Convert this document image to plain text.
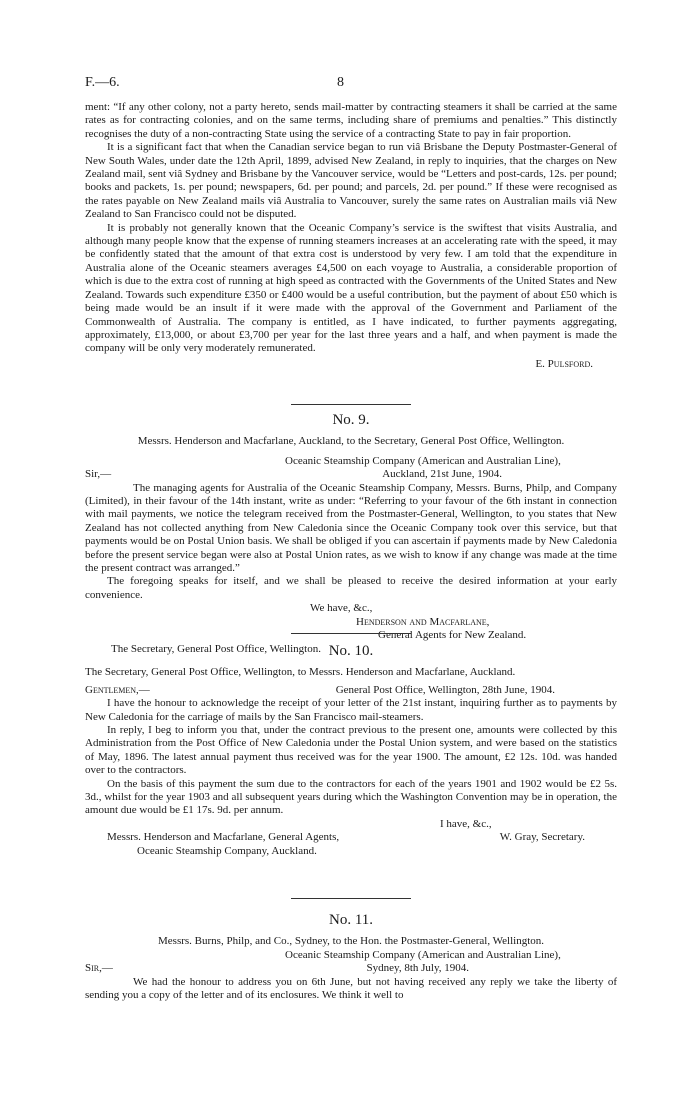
F.—6.	8

ment: “If any other colony, not a party hereto, sends mail-matter by contracting steamers it shall be carried at the same rates as for contracting colonies, and on the same terms, including share of premiums and penalties.” This distinctly recognises the duty of a non-contracting State using the service of a contracting State to pay in fair proportion.

It is a significant fact that when the Canadian service began to run viâ Brisbane the Deputy Postmaster-General of New South Wales, under date the 12th April, 1899, advised New Zealand, in reply to inquiries, that the charges on New Zealand mail, sent viâ Sydney and Brisbane by the Vancouver service, would be “Letters and post-cards, 12s. per pound; books and packets, 1s. per pound; newspapers, 6d. per pound; and parcels, 2d. per pound.” If these were recognised as the rates payable on New Zealand mails viâ Australia to Vancouver, surely the same rates on Australian mails viâ New Zealand to San Francisco could not be disputed.

It is probably not generally known that the Oceanic Company’s service is the swiftest that visits Australia, and although many people know that the expense of running steamers increases at an accelerating rate with the speed, it may be confidently stated that the amount of that extra cost is understood by very few. I am told that the expenditure in Australia alone of the Oceanic steamers averages £4,500 on each voyage to Australia, a considerable proportion of which is due to the extra cost of running at high speed as contracted with the Governments of the United States and New Zealand. Towards such expenditure £350 or £400 would be a useful contribution, but the payment of about £50 which is being made would be an insult if it were made with the approval of the Government and Parliament of the Commonwealth of Australia. The company is entitled, as I have indicated, to further payments aggregating, approximately, £13,000, or about £3,700 per year for the last three years and a half, and when payment is made the company will be only very moderately remunerated.

E. Pulsford.

No. 9.

Messrs. Henderson and Macfarlane, Auckland, to the Secretary, General Post Office, Wellington.

Oceanic Steamship Company (American and Australian Line),

Sir,—	Auckland, 21st June, 1904.

The managing agents for Australia of the Oceanic Steamship Company, Messrs. Burns, Philp, and Company (Limited), in their favour of the 14th instant, write as under: “Referring to your favour of the 6th instant in connection with mail payments, we notice the telegram received from the Postmaster-General, Wellington, to you states that New Zealand has not collected anything from New Caledonia since the Oceanic Company took over this service, but that payments would be on Postal Union basis. We shall be obliged if you can ascertain if payments made by New Caledonia before the present service began were also at Postal Union rates, as we wish to know if any change was made at the time the present contract was arranged.”

The foregoing speaks for itself, and we shall be pleased to receive the desired information at your early convenience.

We have, &c.,

Henderson and Macfarlane,

General Agents for New Zealand.

The Secretary, General Post Office, Wellington. No. 10.

The Secretary, General Post Office, Wellington, to Messrs. Henderson and Macfarlane, Auckland.

Gentlemen,—	General Post Office, Wellington, 28th June, 1904.

I have the honour to acknowledge the receipt of your letter of the 21st instant, inquiring further as to payments by New Caledonia for the carriage of mails by the San Francisco mail-steamers.

In reply, I beg to inform you that, under the contract previous to the present one, amounts were collected by this Administration from the Post Office of New Caledonia under the Postal Union system, and were based on the statistics of May, 1896. The latest annual payment thus received was for the year 1900. The amount, £2 12s. 10d. was handed over to the contractors.

On the basis of this payment the sum due to the contractors for each of the years 1901 and 1902 would be £2 5s. 3d., whilst for the year 1903 and all subsequent years during which the Washington Convention may be in operation, the amount due would be £1 17s. 9d. per annum.

I have, &c.,

Messrs. Henderson and Macfarlane, General Agents,	W. Gray, Secretary.

Oceanic Steamship Company, Auckland.

No. 11.

Messrs. Burns, Philp, and Co., Sydney, to the Hon. the Postmaster-General, Wellington.

Oceanic Steamship Company (American and Australian Line),

Sir,—	Sydney, 8th July, 1904.

We had the honour to address you on 6th June, but not having received any reply we take the liberty of sending you a copy of the letter and of its enclosures. We think it well to
